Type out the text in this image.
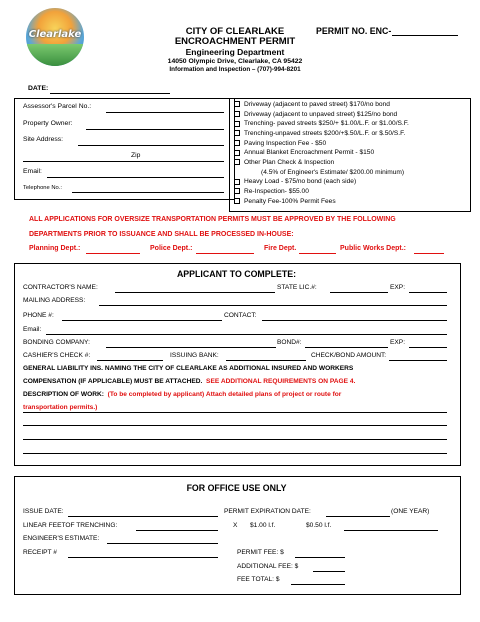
Clearlake	CITY OF CLEARLAKE
ENCROACHMENT PERMIT
Engineering Department
14050 Olympic Drive, Clearlake, CA 95422
Information and Inspection – (707)-994-8201
PERMIT NO. ENC-
DATE:
Assessor's Parcel No.:
Property Owner:
Site Address:
Zip
Email:
Telephone No.:
Driveway (adjacent to paved street) $170/no bond
Driveway (adjacent to unpaved street) $125/no bond
Trenching- paved streets $250/+ $1.00/L.F. or $1.00/S.F.
Trenching-unpaved streets $200/+$.50/L.F. or $.50/S.F.
Paving Inspection Fee - $50
Annual Blanket Encroachment Permit - $150
Other Plan Check & Inspection
(4.5% of Engineer's Estimate/ $200.00 minimum)
Heavy Load - $75/no bond (each side)
Re-Inspection- $55.00
Penalty Fee-100% Permit Fees
ALL APPLICATIONS FOR OVERSIZE TRANSPORTATION PERMITS MUST BE APPROVED BY THE FOLLOWING
DEPARTMENTS PRIOR TO ISSUANCE AND SHALL BE PROCESSED IN-HOUSE:
Planning Dept.:	Police Dept.:	Fire Dept.	Public Works Dept.:
APPLICANT TO COMPLETE:
CONTRACTOR'S NAME:	STATE LIC.#:	EXP:
MAILING ADDRESS:
PHONE #:	CONTACT:
Email:
BONDING COMPANY:	BOND#:	EXP:
CASHIER'S CHECK #:	ISSUING BANK:	CHECK/BOND AMOUNT:
GENERAL LIABILITY INS. NAMING THE CITY OF CLEARLAKE AS ADDITIONAL INSURED AND WORKERS
COMPENSATION (IF APPLICABLE) MUST BE ATTACHED. SEE ADDITIONAL REQUIREMENTS ON PAGE 4.
DESCRIPTION OF WORK: (To be completed by applicant) Attach detailed plans of project or route for
transportation permits.)
FOR OFFICE USE ONLY
ISSUE DATE:	PERMIT EXPIRATION DATE:	(ONE YEAR)
LINEAR FEETOF TRENCHING:	X $1.00 l.f.	$0.50 l.f.
ENGINEER'S ESTIMATE:
RECEIPT #	PERMIT FEE: $
ADDITIONAL FEE: $
FEE TOTAL: $
